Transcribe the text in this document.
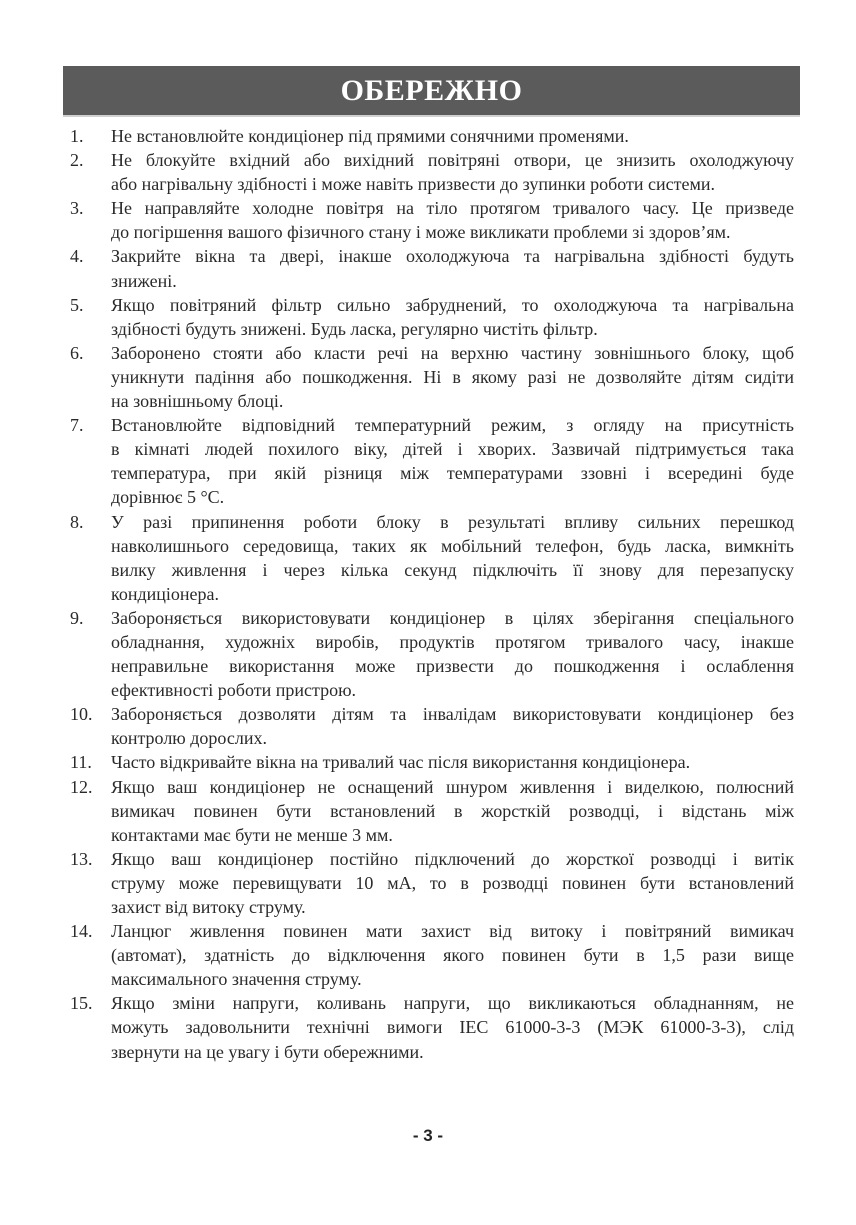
ОБЕРЕЖНО
1. Не встановлюйте кондиціонер під прямими сонячними променями.
2. Не блокуйте вхідний або вихідний повітряні отвори, це знизить охолоджуючу
або нагрівальну здібності і може навіть призвести до зупинки роботи системи.
3. Не направляйте холодне повітря на тіло протягом тривалого часу. Це призведе
до погіршення вашого фізичного стану і може викликати проблеми зі здоров’ям.
4. Закрийте вікна та двері, інакше охолоджуюча та нагрівальна здібності будуть
знижені.
5. Якщо повітряний фільтр сильно забруднений, то охолоджуюча та нагрівальна
здібності будуть знижені. Будь ласка, регулярно чистіть фільтр.
6. Заборонено стояти або класти речі на верхню частину зовнішнього блоку, щоб
уникнути падіння або пошкодження. Ні в якому разі не дозволяйте дітям сидіти
на зовнішньому блоці.
7. Встановлюйте відповідний температурний режим, з огляду на присутність
в кімнаті людей похилого віку, дітей і хворих. Зазвичай підтримується така
температура, при якій різниця між температурами ззовні і всередині буде
дорівнює 5 °С.
8. У разі припинення роботи блоку в результаті впливу сильних перешкод
навколишнього середовища, таких як мобільний телефон, будь ласка, вимкніть
вилку живлення і через кілька секунд підключіть її знову для перезапуску
кондиціонера.
9. Забороняється використовувати кондиціонер в цілях зберігання спеціального
обладнання, художніх виробів, продуктів протягом тривалого часу, інакше
неправильне використання може призвести до пошкодження і ослаблення
ефективності роботи пристрою.
10. Забороняється дозволяти дітям та інвалідам використовувати кондиціонер без
контролю дорослих.
11. Часто відкривайте вікна на тривалий час після використання кондиціонера.
12. Якщо ваш кондиціонер не оснащений шнуром живлення і виделкою, полюсний
вимикач повинен бути встановлений в жорсткій розводці, і відстань між
контактами має бути не менше 3 мм.
13. Якщо ваш кондиціонер постійно підключений до жорсткої розводці і витік
струму може перевищувати 10 мА, то в розводці повинен бути встановлений
захист від витоку струму.
14. Ланцюг живлення повинен мати захист від витоку і повітряний вимикач
(автомат), здатність до відключення якого повинен бути в 1,5 рази вище
максимального значення струму.
15. Якщо зміни напруги, коливань напруги, що викликаються обладнанням, не
можуть задовольнити технічні вимоги IEC 61000-3-3 (МЭК 61000-3-3), слід
звернути на це увагу і бути обережними.
- 3 -
